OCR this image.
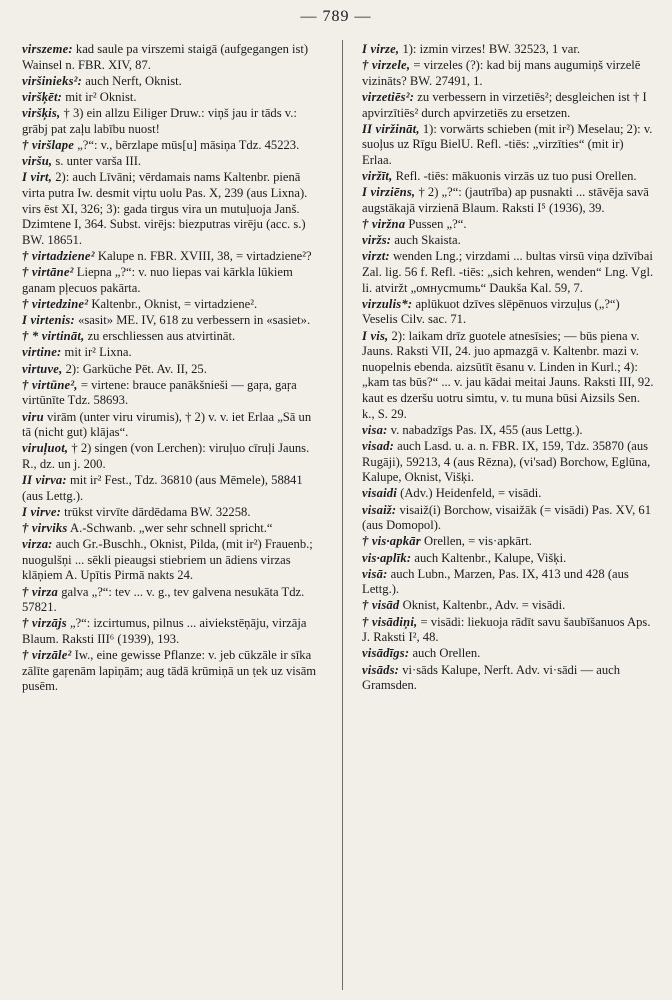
— 789 —
virszeme: kad saule pa virszemi staigā (aufgegangen ist) Wainsel n. FBR. XIV, 87.
viršinieks²: auch Nerft, Oknist.
viršķēt: mit ir² Oknist.
viršķis, † 3) ein allzu Eiliger Druw.: viņš jau ir tāds v.: grābj pat zaļu labību nuost!
† viršlape „?“: v., bērzlape mūs[u] māsiņa Tdz. 45223.
viršu, s. unter varša III.
I virt, 2): auch Līvāni; vērdamais nams Kaltenbr. pienā virta putra Iw. desmit viŗtu uolu Pas. X, 239 (aus Lixna). virs ēst XI, 326; 3): gada tirgus vira un mutuļuoja Janš. Dzimtene I, 364. Subst. virējs: biezputras virēju (acc. s.) BW. 18651.
† virtadziene² Kalupe n. FBR. XVIII, 38, = virtadziene²?
† virtāne² Liepna „?“: v. nuo liepas vai kārkla lūkiem ganam pļecuos pakārta.
† virtedzine² Kaltenbr., Oknist, = virtadziene².
I virtenis: «sasit» ME. IV, 618 zu verbessern in «sasiet».
† * virtināt, zu erschliessen aus atvirtināt.
virtine: mit ir² Lixna.
virtuve, 2): Garküche Pēt. Av. II, 25.
† virtūne², = virtene: brauce panākšnieši — gaŗa, gaŗa virtūnīte Tdz. 58693.
viru virām (unter viru virumis), † 2) v. v. iet Erlaa „Sā un tā (nicht gut) klājas“.
viruļuot, † 2) singen (von Lerchen): viruļuo cīruļi Jauns. R., dz. un j. 200.
II virva: mit ir² Fest., Tdz. 36810 (aus Mēmele), 58841 (aus Lettg.).
I virve: trūkst virvīte dārdēdama BW. 32258.
† virviks A.-Schwanb. „wer sehr schnell spricht.“
virza: auch Gr.-Buschh., Oknist, Pilda, (mit ir²) Frauenb.; nuogulšņi ... sēkli pieaugsi stiebriem un ādiens virzas klāņiem A. Upītis Pirmā nakts 24.
† virza galva „?“: tev ... v. g., tev galvena nesukāta Tdz. 57821.
† virzājs „?“: izcirtumus, pilnus ... aiviekstēņāju, virzāja Blaum. Raksti III⁶ (1939), 193.
† virzāle² Iw., eine gewisse Pflanze: v. jeb cūkzāle ir sīka zālīte gaŗenām lapiņām; aug tādā krūmiņā un ṭek uz visām pusēm.
I virze, 1): izmin virzes! BW. 32523, 1 var.
† virzele, = virzeles (?): kad bij mans augumiņš virzelē vizināts? BW. 27491, 1.
virzetiēs²: zu verbessern in virzetiēs²; desgleichen ist † I apvirzītiēs² durch apvirzetiēs zu ersetzen.
II viržināt, 1): vorwärts schieben (mit ir²) Meselau; 2): v. suoļus uz Rīgu BielU. Refl. -tiēs: „virzīties“ (mit ir) Erlaa.
viržīt, Refl. -tiēs: mākuonis virzās uz tuo pusi Orellen.
I virziēns, † 2) „?“: (jautrība) ap pusnakti ... stāvēja savā augstākajā virzienā Blaum. Raksti I⁵ (1936), 39.
† viržna Pussen „?“.
viržs: auch Skaista.
virzt: wenden Lng.; virzdami ... bultas virsū viņa dzīvībai Zal. lig. 56 f. Refl. -tiēs: „sich kehren, wenden“ Lng. Vgl. li. atviržt „омнусmumь“ Daukša Kal. 59, 7.
virzulis*: aplūkuot dzīves slēpēnuos virzuļus („?“) Veselis Cilv. sac. 71.
I vis, 2): laikam drīz guotele atnesīsies; — būs piena v. Jauns. Raksti VII, 24. juo apmazgā v. Kaltenbr. mazi v. nuopelnis ebenda. aizsūtīt ēsanu v. Linden in Kurl.; 4): „kam tas būs?“ ... v. jau kādai meitai Jauns. Raksti III, 92. kaut es dzeršu uotru simtu, v. tu muna būsi Aizsils Sen. k., S. 29.
visa: v. nabadzīgs Pas. IX, 455 (aus Lettg.).
visad: auch Lasd. u. a. n. FBR. IX, 159, Tdz. 35870 (aus Rugāji), 59213, 4 (aus Rēzna), (vi'sad) Borchow, Eglūna, Kalupe, Oknist, Višķi.
visaidi (Adv.) Heidenfeld, = visādi.
visaiž: visaiž(i) Borchow, visaižāk (= visādi) Pas. XV, 61 (aus Domopol).
† vis·apkār Orellen, = vis·apkārt.
vis·aplīk: auch Kaltenbr., Kalupe, Višķi.
visā: auch Lubn., Marzen, Pas. IX, 413 und 428 (aus Lettg.).
† visād Oknist, Kaltenbr., Adv. = visādi.
† visādiņi, = visādi: liekuoja rādīt savu šaubīšanuos Aps. J. Raksti I², 48.
visādīgs: auch Orellen.
visāds: vi·sāds Kalupe, Nerft. Adv. vi·sādi — auch Gramsden.
